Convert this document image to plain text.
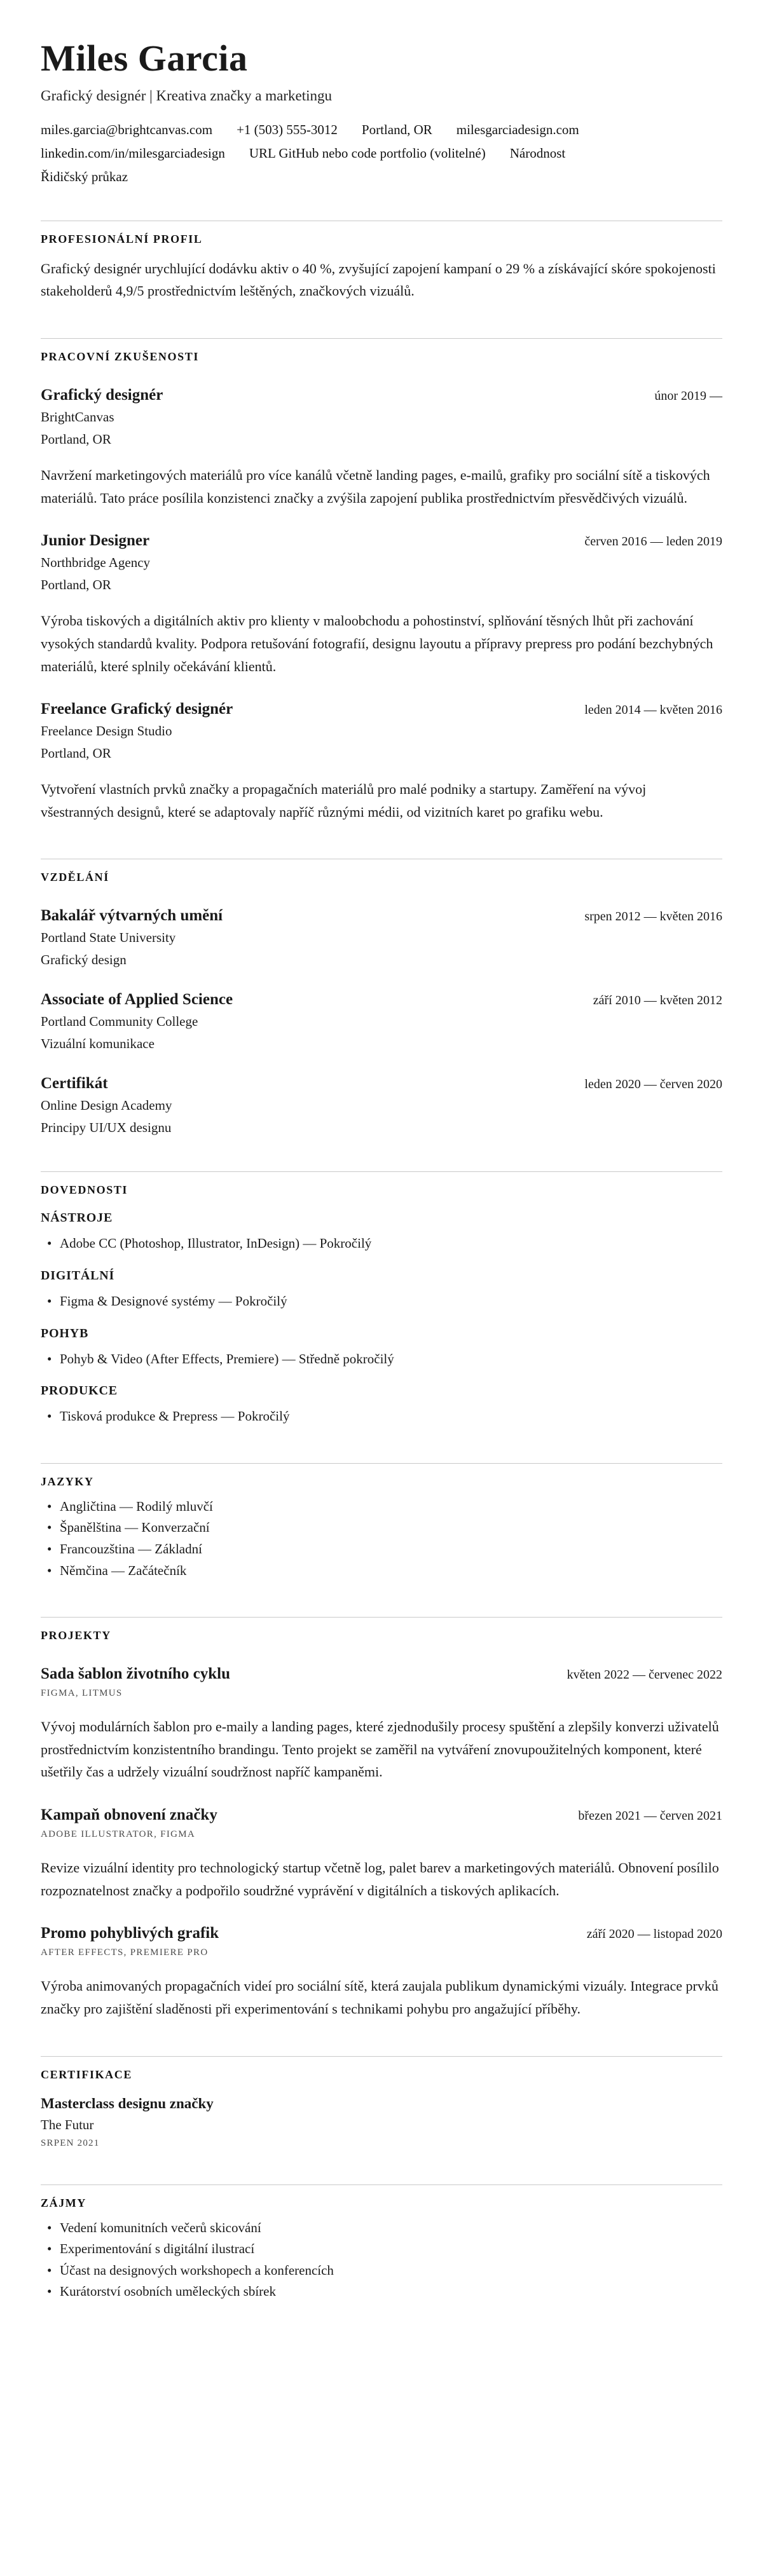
Miles Garcia
Grafický designér | Kreativa značky a marketingu
miles.garcia@brightcanvas.com +1 (503) 555-3012 Portland, OR milesgarciadesign.com
linkedin.com/in/milesgarciadesign URL GitHub nebo code portfolio (volitelné) Národnost
Řidičský průkaz
PROFESIONÁLNÍ PROFIL

Grafický designér urychlující dodávku aktiv o 40 %, zvyšující zapojení kampaní o 29 % a získávající skóre spokojenosti stakeholderů 4,9/5 prostřednictvím leštěných, značkových vizuálů.

PRACOVNÍ ZKUŠENOSTI
Grafický designér	únor 2019 —
BrightCanvas
Portland, OR

Navržení marketingových materiálů pro více kanálů včetně landing pages, e-mailů, grafiky pro sociální sítě a tiskových materiálů. Tato práce posílila konzistenci značky a zvýšila zapojení publika prostřednictvím přesvědčivých vizuálů.

Junior Designer	červen 2016 — leden 2019
Northbridge Agency
Portland, OR

Výroba tiskových a digitálních aktiv pro klienty v maloobchodu a pohostinství, splňování těsných lhůt při zachování vysokých standardů kvality. Podpora retušování fotografií, designu layoutu a přípravy prepress pro podání bezchybných materiálů, které splnily očekávání klientů.

Freelance Grafický designér	leden 2014 — květen 2016
Freelance Design Studio
Portland, OR

Vytvoření vlastních prvků značky a propagačních materiálů pro malé podniky a startupy. Zaměření na vývoj všestranných designů, které se adaptovaly napříč různými médii, od vizitních karet po grafiku webu.

VZDĚLÁNÍ
Bakalář výtvarných umění	srpen 2012 — květen 2016
Portland State University
Grafický design
Associate of Applied Science	září 2010 — květen 2012
Portland Community College
Vizuální komunikace
Certifikát	leden 2020 — červen 2020
Online Design Academy
Principy UI/UX designu
DOVEDNOSTI
NÁSTROJE
• Adobe CC (Photoshop, Illustrator, InDesign) — Pokročilý
DIGITÁLNÍ
• Figma & Designové systémy — Pokročilý
POHYB
• Pohyb & Video (After Effects, Premiere) — Středně pokročilý
PRODUKCE
• Tisková produkce & Prepress — Pokročilý
JAZYKY
• Angličtina — Rodilý mluvčí
• Španělština — Konverzační
• Francouzština — Základní
• Němčina — Začátečník
PROJEKTY
Sada šablon životního cyklu	květen 2022 — červenec 2022
FIGMA, LITMUS

Vývoj modulárních šablon pro e-maily a landing pages, které zjednodušily procesy spuštění a zlepšily konverzi uživatelů prostřednictvím konzistentního brandingu. Tento projekt se zaměřil na vytváření znovupoužitelných komponent, které ušetřily čas a udržely vizuální soudržnost napříč kampaněmi.

Kampaň obnovení značky	březen 2021 — červen 2021
ADOBE ILLUSTRATOR, FIGMA

Revize vizuální identity pro technologický startup včetně log, palet barev a marketingových materiálů. Obnovení posílilo rozpoznatelnost značky a podpořilo soudržné vyprávění v digitálních a tiskových aplikacích.

Promo pohyblivých grafik	září 2020 — listopad 2020
AFTER EFFECTS, PREMIERE PRO

Výroba animovaných propagačních videí pro sociální sítě, která zaujala publikum dynamickými vizuály. Integrace prvků značky pro zajištění sladěnosti při experimentování s technikami pohybu pro angažující příběhy.

CERTIFIKACE
Masterclass designu značky
The Futur
SRPEN 2021
ZÁJMY
• Vedení komunitních večerů skicování
• Experimentování s digitální ilustrací
• Účast na designových workshopech a konferencích
• Kurátorství osobních uměleckých sbírek
